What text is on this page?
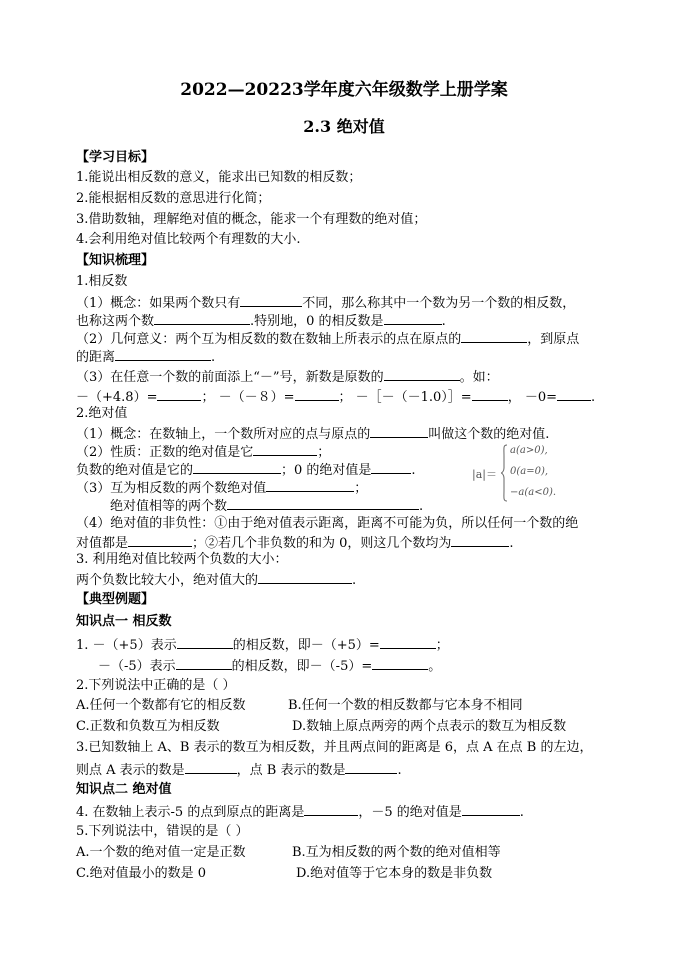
2022—20223学年度六年级数学上册学案
2.3 绝对值
【学习目标】
1.能说出相反数的意义，能求出已知数的相反数；
2.能根据相反数的意思进行化简；
3.借助数轴，理解绝对值的概念，能求一个有理数的绝对值；
4.会利用绝对值比较两个有理数的大小.
【知识梳理】
1.相反数
（1）概念：如果两个数只有	不同，那么称其中一个数为另一个数的相反数，
也称这两个数	.特别地，0 的相反数是	.
（2）几何意义：两个互为相反数的数在数轴上所表示的点在原点的	，到原点
的距离	.
（3）在任意一个数的前面添上“－”号，新数是原数的	。如：
－（+4.8）=	； －（－８）=	； －［－（－1.0）］=	， －0=	.
2.绝对值
（1）概念：在数轴上，一个数所对应的点与原点的	叫做这个数的绝对值.
（2）性质：正数的绝对值是它	；
负数的绝对值是它的	；0 的绝对值是	.
（3）互为相反数的两个数绝对值	；
绝对值相等的两个数	.
（4）绝对值的非负性：①由于绝对值表示距离，距离不可能为负，所以任何一个数的绝
对值都是	；②若几个非负数的和为 0，则这几个数均为	.
3. 利用绝对值比较两个负数的大小：
两个负数比较大小，绝对值大的	.
|a|＝
a(a>0),
0(a=0),
−a(a<0).
【典型例题】
知识点一 相反数
1. －（+5）表示	的相反数，即－（+5）=	；
－（-5）表示	的相反数，即－（-5）=	。
2.下列说法中正确的是（ ）
A.任何一个数都有它的相反数	B.任何一个数的相反数都与它本身不相同
C.正数和负数互为相反数	D.数轴上原点两旁的两个点表示的数互为相反数
3.已知数轴上 A、B 表示的数互为相反数，并且两点间的距离是 6，点 A 在点 B 的左边，
则点 A 表示的数是	，点 B 表示的数是	.
知识点二 绝对值
4. 在数轴上表示-5 的点到原点的距离是	，－5 的绝对值是	.
5.下列说法中，错误的是（ ）
A.一个数的绝对值一定是正数	B.互为相反数的两个数的绝对值相等
C.绝对值最小的数是 0	D.绝对值等于它本身的数是非负数
